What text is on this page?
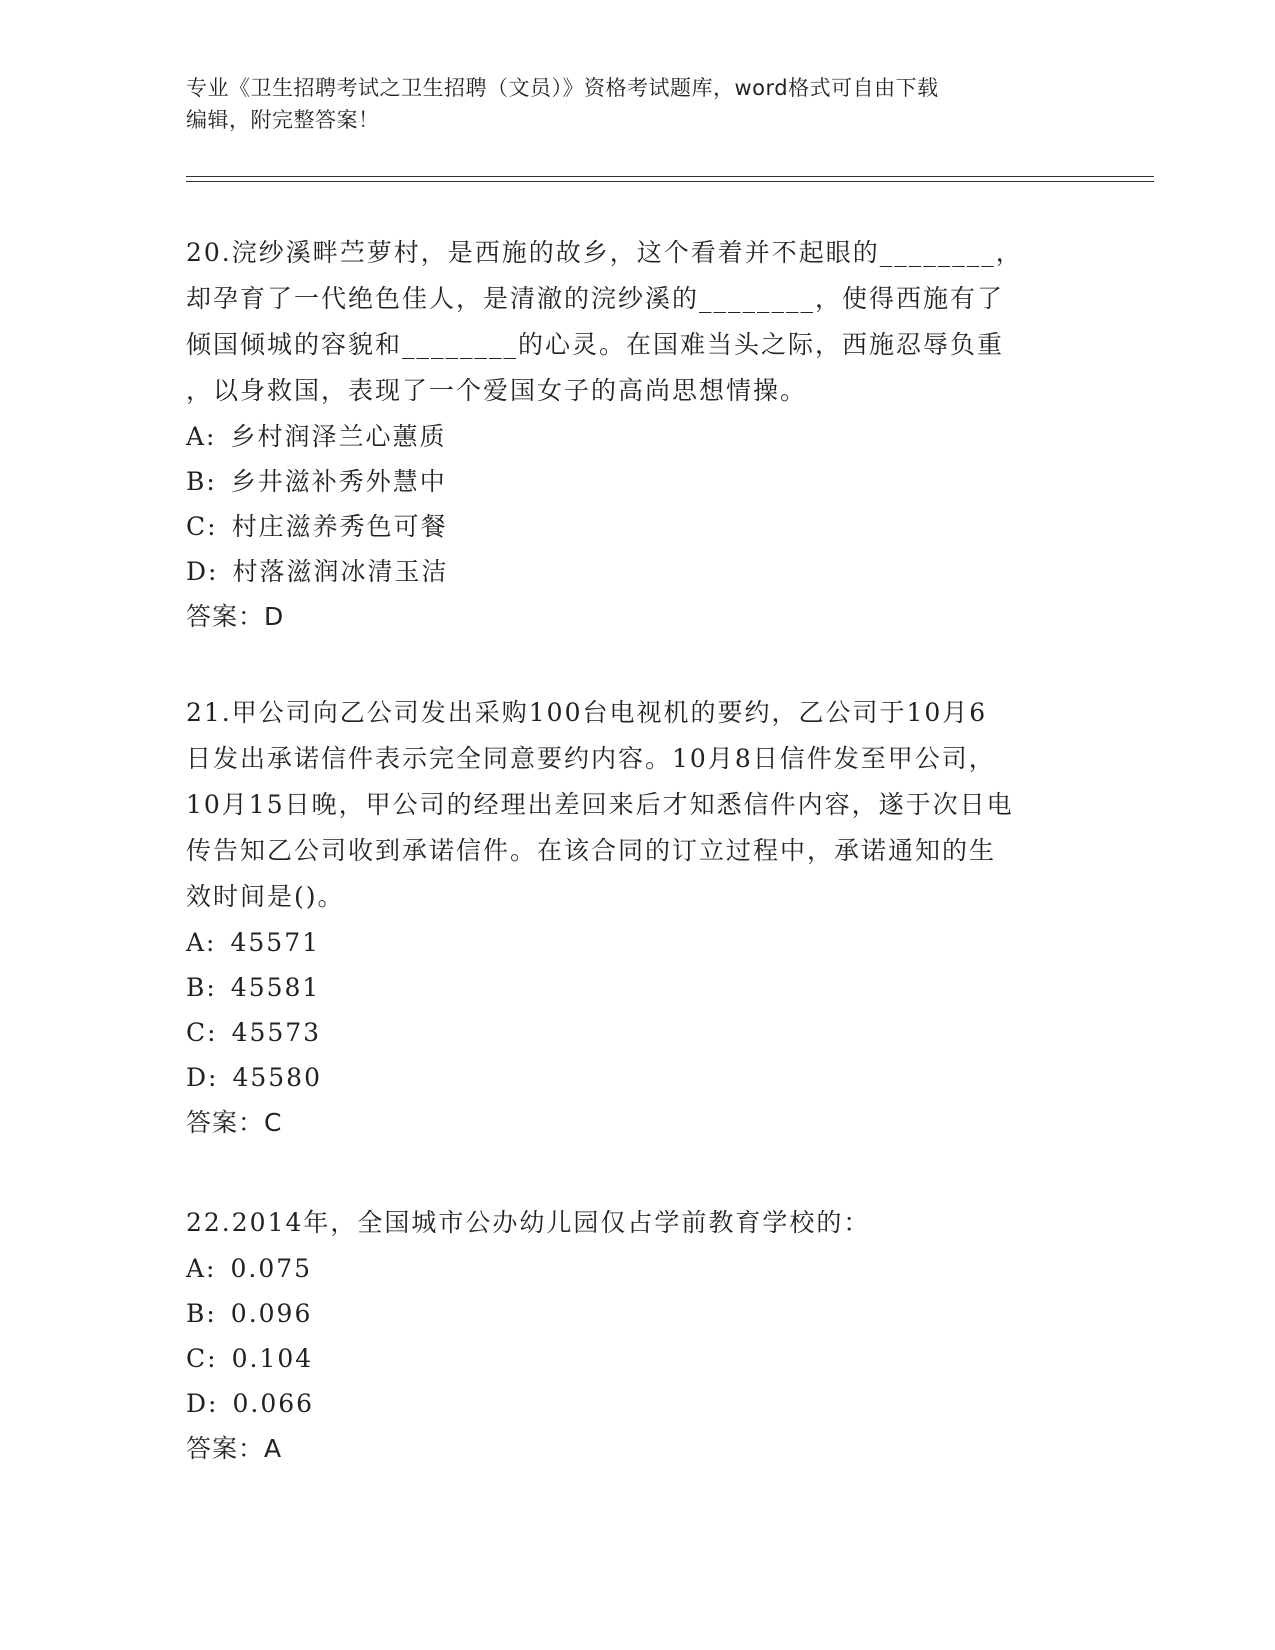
专业《卫生招聘考试之卫生招聘（文员）》资格考试题库，word格式可自由下载
编辑，附完整答案！
20.浣纱溪畔苎萝村，是西施的故乡，这个看着并不起眼的________，
却孕育了一代绝色佳人，是清澈的浣纱溪的________，使得西施有了
倾国倾城的容貌和________的心灵。在国难当头之际，西施忍辱负重
，以身救国，表现了一个爱国女子的高尚思想情操。
A: 乡村润泽兰心蕙质
B: 乡井滋补秀外慧中
C: 村庄滋养秀色可餐
D: 村落滋润冰清玉洁
答案：D
21.甲公司向乙公司发出采购100台电视机的要约，乙公司于10月6
日发出承诺信件表示完全同意要约内容。10月8日信件发至甲公司，
10月15日晚，甲公司的经理出差回来后才知悉信件内容，遂于次日电
传告知乙公司收到承诺信件。在该合同的订立过程中，承诺通知的生
效时间是()。
A: 45571
B: 45581
C: 45573
D: 45580
答案：C
22.2014年，全国城市公办幼儿园仅占学前教育学校的：
A: 0.075
B: 0.096
C: 0.104
D: 0.066
答案：A
